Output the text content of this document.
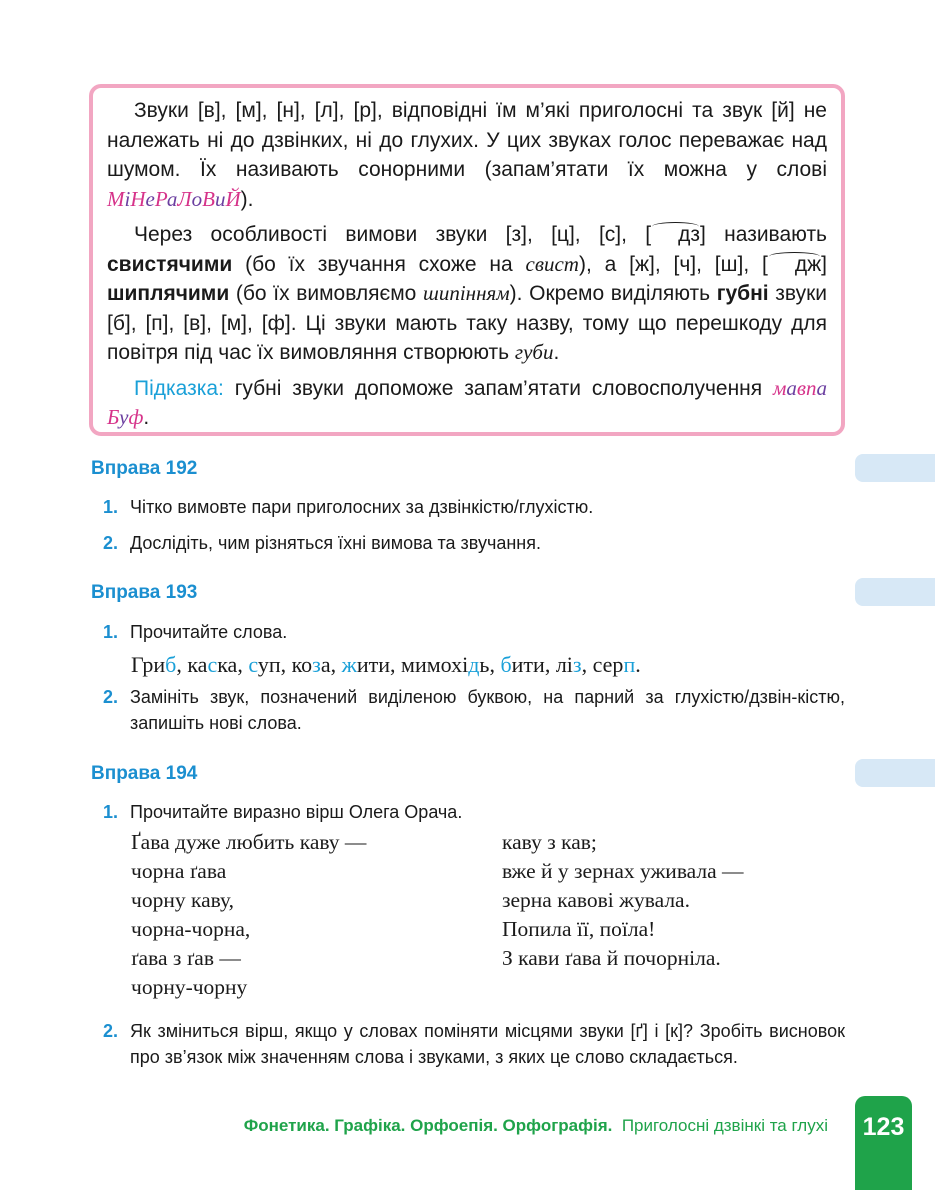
Звуки [в], [м], [н], [л], [р], відповідні їм м’які приголосні та звук [й] не належать ні до дзвінких, ні до глухих. У цих звуках голос переважає над шумом. Їх називають сонорними (запам’ятати їх можна у слові МіНеРаЛоВиЙ).

Через особливості вимови звуки [з], [ц], [с], [ дз] називають свистячими (бо їх звучання схоже на свист), а [ж], [ч], [ш], [ дж] шиплячими (бо їх вимовляємо шипінням). Окремо виділяють губні звуки [б], [п], [в], [м], [ф]. Ці звуки мають таку назву, тому що перешкоду для повітря під час їх вимовляння створюють губи.

Підказка: губні звуки допоможе запам’ятати словосполучення мавпа Буф.

Вправа 192
1. Чітко вимовте пари приголосних за дзвінкістю/глухістю.
2. Дослідіть, чим різняться їхні вимова та звучання.
Вправа 193
1. Прочитайте слова.
Гриб, каска, суп, коза, жити, мимохідь, бити, ліз, серп.
2. Замініть звук, позначений виділеною буквою, на парний за глухістю/дзвін-кістю, запишіть нові слова.
Вправа 194
1. Прочитайте виразно вірш Олега Орача.
Ґава дуже любить каву —
чорна ґава
чорну каву,
чорна-чорна,
ґава з ґав —
чорну-чорну
каву з кав;
вже й у зернах уживала —
зерна кавові жувала.
Попила її, поїла!
З кави ґава й почорніла.
2. Як зміниться вірш, якщо у словах поміняти місцями звуки [ґ] і [к]? Зробіть висновок про зв’язок між значенням слова і звуками, з яких це слово складається.
Фонетика. Графіка. Орфоепія. Орфографія. Приголосні дзвінкі та глухі	123
